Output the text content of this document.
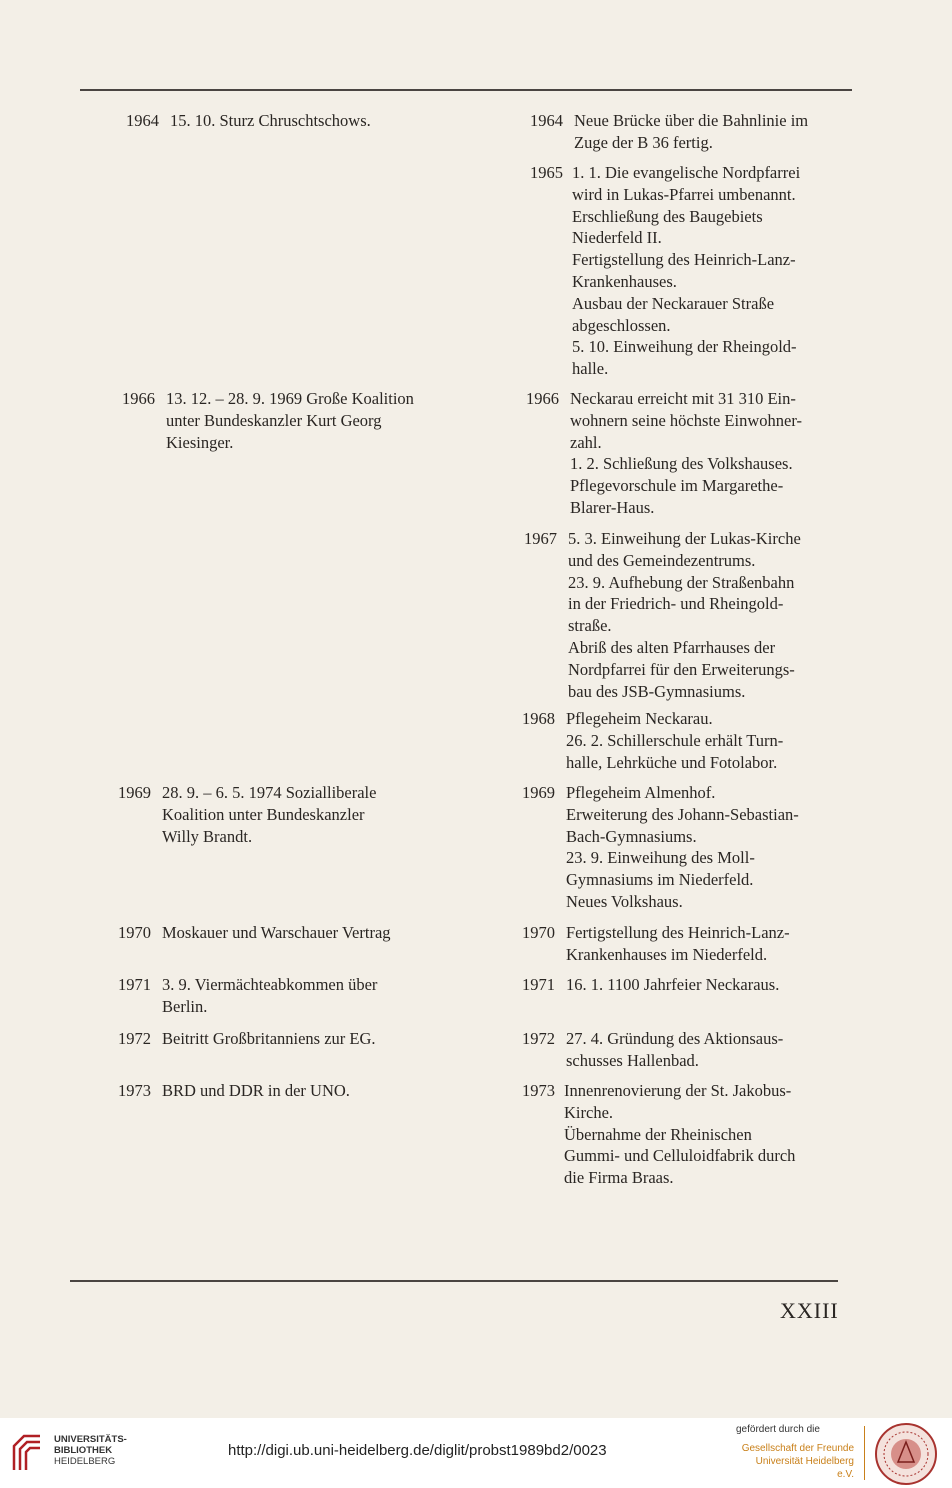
1964 15. 10. Sturz Chruschtschows.
1966 13. 12. – 28. 9. 1969 Große Koalition
unter Bundeskanzler Kurt Georg
Kiesinger.
1969 28. 9. – 6. 5. 1974 Sozialliberale
Koalition unter Bundeskanzler
Willy Brandt.
1970 Moskauer und Warschauer Vertrag
1971 3. 9. Viermächteabkommen über
Berlin.
1972 Beitritt Großbritanniens zur EG.
1973 BRD und DDR in der UNO.
1964 Neue Brücke über die Bahnlinie im
Zuge der B 36 fertig.
1965 1. 1. Die evangelische Nordpfarrei
wird in Lukas-Pfarrei umbenannt.
Erschließung des Baugebiets
Niederfeld II.
Fertigstellung des Heinrich-Lanz-
Krankenhauses.
Ausbau der Neckarauer Straße
abgeschlossen.
5. 10. Einweihung der Rheingold-
halle.
1966 Neckarau erreicht mit 31 310 Ein-
wohnern seine höchste Einwohner-
zahl.
1. 2. Schließung des Volkshauses.
Pflegevorschule im Margarethe-
Blarer-Haus.
1967 5. 3. Einweihung der Lukas-Kirche
und des Gemeindezentrums.
23. 9. Aufhebung der Straßenbahn
in der Friedrich- und Rheingold-
straße.
Abriß des alten Pfarrhauses der
Nordpfarrei für den Erweiterungs-
bau des JSB-Gymnasiums.
1968 Pflegeheim Neckarau.
26. 2. Schillerschule erhält Turn-
halle, Lehrküche und Fotolabor.
1969 Pflegeheim Almenhof.
Erweiterung des Johann-Sebastian-
Bach-Gymnasiums.
23. 9. Einweihung des Moll-
Gymnasiums im Niederfeld.
Neues Volkshaus.
1970 Fertigstellung des Heinrich-Lanz-
Krankenhauses im Niederfeld.
1971 16. 1. 1100 Jahrfeier Neckaraus.
1972 27. 4. Gründung des Aktionsaus-
schusses Hallenbad.
1973 Innenrenovierung der St. Jakobus-
Kirche.
Übernahme der Rheinischen
Gummi- und Celluloidfabrik durch
die Firma Braas.
XXIII
UNIVERSITÄTS-
BIBLIOTHEK
HEIDELBERG
http://digi.ub.uni-heidelberg.de/diglit/probst1989bd2/0023
gefördert durch die
Gesellschaft der Freunde
Universität Heidelberg e.V.
